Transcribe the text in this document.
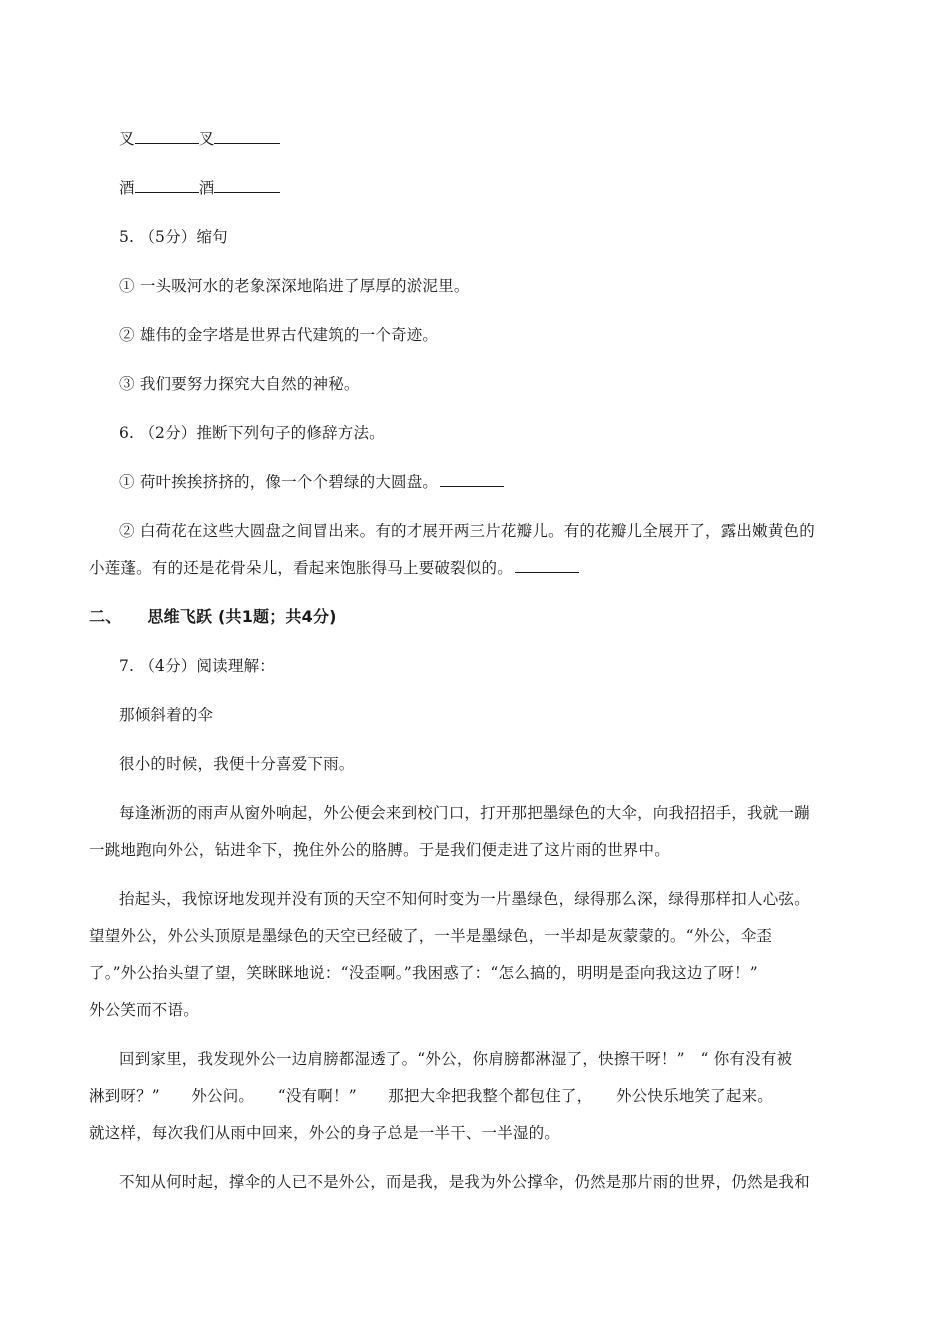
叉	叉
酒	酒
5. （5分）缩句
① 一头吸河水的老象深深地陷进了厚厚的淤泥里。
② 雄伟的金字塔是世界古代建筑的一个奇迹。
③ 我们要努力探究大自然的神秘。
6. （2分）推断下列句子的修辞方法。
① 荷叶挨挨挤挤的，像一个个碧绿的大圆盘。
② 白荷花在这些大圆盘之间冒出来。有的才展开两三片花瓣儿。有的花瓣儿全展开了，露出嫩黄色的
小莲蓬。有的还是花骨朵儿，看起来饱胀得马上要破裂似的。
二、 思维飞跃 (共1题；共4分)
7. （4分）阅读理解：
那倾斜着的伞
很小的时候，我便十分喜爱下雨。
每逢淅沥的雨声从窗外响起，外公便会来到校门口，打开那把墨绿色的大伞，向我招招手，我就一蹦
一跳地跑向外公，钻进伞下，挽住外公的胳膊。于是我们便走进了这片雨的世界中。
抬起头，我惊讶地发现并没有顶的天空不知何时变为一片墨绿色，绿得那么深，绿得那样扣人心弦。
望望外公，外公头顶原是墨绿色的天空已经破了，一半是墨绿色，一半却是灰蒙蒙的。“外公，伞歪
了。”外公抬头望了望，笑眯眯地说：“没歪啊。”我困惑了：“怎么搞的，明明是歪向我这边了呀！”
外公笑而不语。
回到家里，我发现外公一边肩膀都湿透了。“外公，你肩膀都淋湿了，快擦干呀！”　“ 你有没有被
淋到呀？”　　外公问。　　“没有啊！”　　那把大伞把我整个都包住了，　　外公快乐地笑了起来。
就这样，每次我们从雨中回来，外公的身子总是一半干、一半湿的。
不知从何时起，撑伞的人已不是外公，而是我，是我为外公撑伞，仍然是那片雨的世界，仍然是我和
